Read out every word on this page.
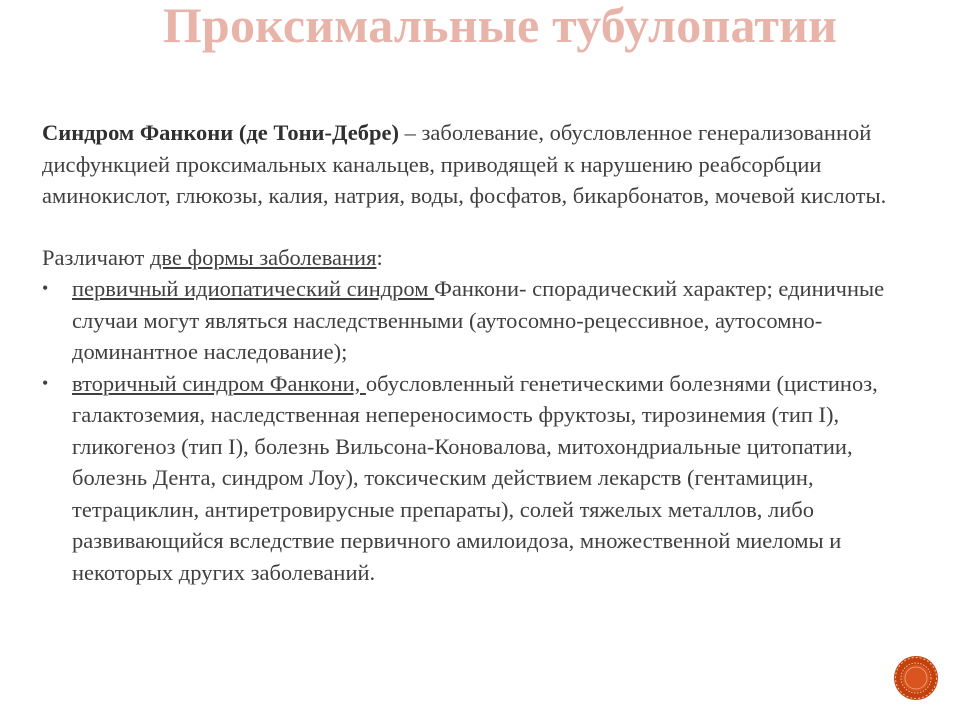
Проксимальные тубулопатии

Синдром Фанкони (де Тони-Дебре) – заболевание, обусловленное генерализованной дисфункцией проксимальных канальцев, приводящей к нарушению реабсорбции аминокислот, глюкозы, калия, натрия, воды, фосфатов, бикарбонатов, мочевой кислоты.

Различают две формы заболевания:

•
первичный идиопатический синдром Фанкони- спорадический характер; единичные случаи могут являться наследственными (аутосомно-рецессивное, аутосомно-доминантное наследование);
•
вторичный синдром Фанкони, обусловленный генетическими болезнями (цистиноз, галактоземия, наследственная непереносимость фруктозы, тирозинемия (тип I), гликогеноз (тип I), болезнь Вильсона-Коновалова, митохондриальные цитопатии, болезнь Дента, синдром Лоу), токсическим действием лекарств (гентамицин, тетрациклин, антиретровирусные препараты), солей тяжелых металлов, либо развивающийся вследствие первичного амилоидоза, множественной миеломы и некоторых других заболеваний.
